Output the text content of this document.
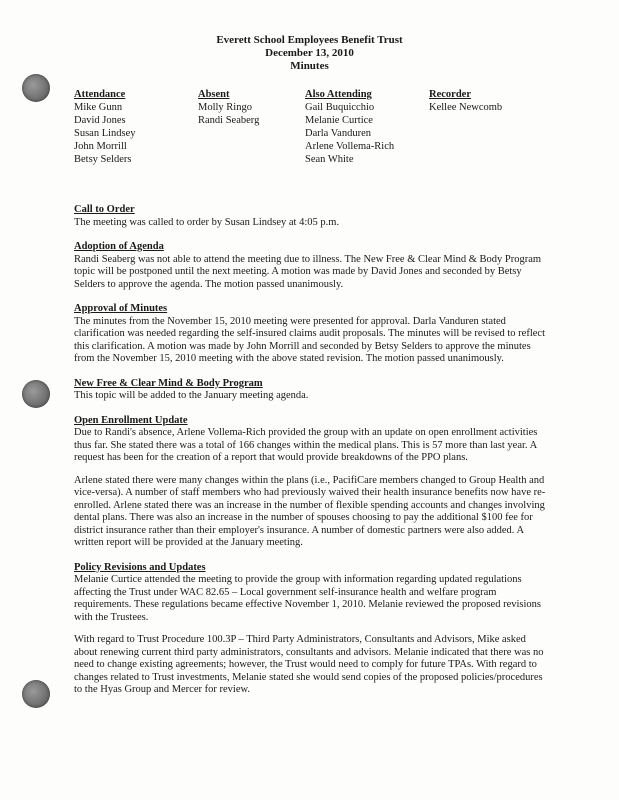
Everett School Employees Benefit Trust
December 13, 2010
Minutes
Attendance
Mike Gunn
David Jones
Susan Lindsey
John Morrill
Betsy Selders
Absent
Molly Ringo
Randi Seaberg
Also Attending
Gail Buquicchio
Melanie Curtice
Darla Vanduren
Arlene Vollema-Rich
Sean White
Recorder
Kellee Newcomb
Call to Order
The meeting was called to order by Susan Lindsey at 4:05 p.m.
Adoption of Agenda
Randi Seaberg was not able to attend the meeting due to illness. The New Free & Clear Mind & Body Program topic will be postponed until the next meeting. A motion was made by David Jones and seconded by Betsy Selders to approve the agenda. The motion passed unanimously.
Approval of Minutes
The minutes from the November 15, 2010 meeting were presented for approval. Darla Vanduren stated clarification was needed regarding the self-insured claims audit proposals. The minutes will be revised to reflect this clarification. A motion was made by John Morrill and seconded by Betsy Selders to approve the minutes from the November 15, 2010 meeting with the above stated revision. The motion passed unanimously.
New Free & Clear Mind & Body Program
This topic will be added to the January meeting agenda.
Open Enrollment Update
Due to Randi's absence, Arlene Vollema-Rich provided the group with an update on open enrollment activities thus far. She stated there was a total of 166 changes within the medical plans. This is 57 more than last year. A request has been for the creation of a report that would provide breakdowns of the PPO plans.
Arlene stated there were many changes within the plans (i.e., PacifiCare members changed to Group Health and vice-versa). A number of staff members who had previously waived their health insurance benefits now have re-enrolled. Arlene stated there was an increase in the number of flexible spending accounts and changes involving dental plans. There was also an increase in the number of spouses choosing to pay the additional $100 fee for district insurance rather than their employer's insurance. A number of domestic partners were also added. A written report will be provided at the January meeting.
Policy Revisions and Updates
Melanie Curtice attended the meeting to provide the group with information regarding updated regulations affecting the Trust under WAC 82.65 – Local government self-insurance health and welfare program requirements. These regulations became effective November 1, 2010. Melanie reviewed the proposed revisions with the Trustees.
With regard to Trust Procedure 100.3P – Third Party Administrators, Consultants and Advisors, Mike asked about renewing current third party administrators, consultants and advisors. Melanie indicated that there was no need to change existing agreements; however, the Trust would need to comply for future TPAs. With regard to changes related to Trust investments, Melanie stated she would send copies of the proposed policies/procedures to the Hyas Group and Mercer for review.
